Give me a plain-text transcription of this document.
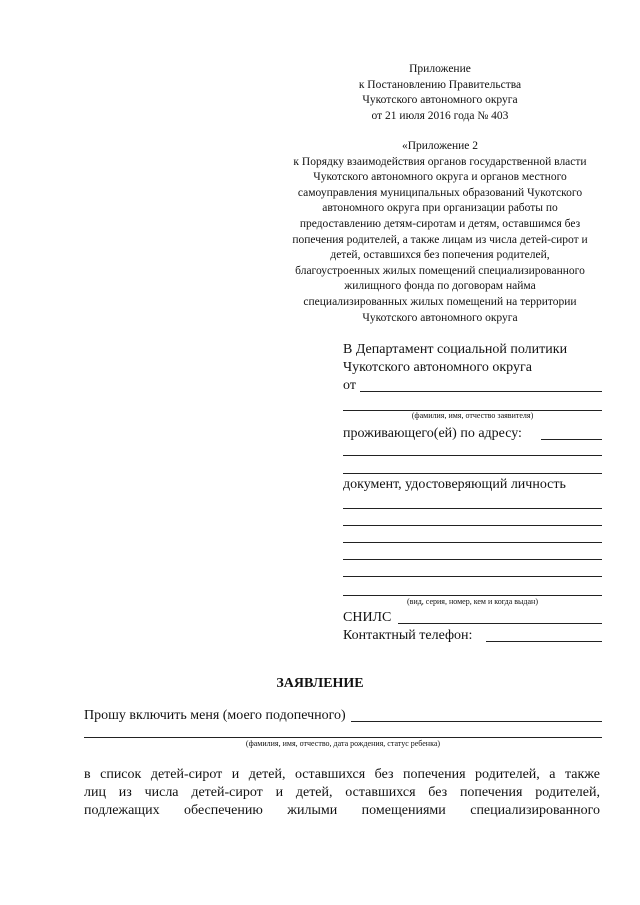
Приложение
к Постановлению Правительства
Чукотского автономного округа
от 21 июля 2016 года № 403
«Приложение 2
к Порядку взаимодействия органов государственной власти
Чукотского автономного округа и органов местного
самоуправления муниципальных образований Чукотского
автономного округа при организации работы по
предоставлению детям-сиротам и детям, оставшимся без
попечения родителей, а также лицам из числа детей-сирот и
детей, оставшихся без попечения родителей,
благоустроенных жилых помещений специализированного
жилищного фонда по договорам найма
специализированных жилых помещений на территории
Чукотского автономного округа
В Департамент социальной политики
Чукотского автономного округа
от
(фамилия, имя, отчество заявителя)
проживающего(ей) по адресу:
документ, удостоверяющий личность
(вид, серия, номер, кем и когда выдан)
СНИЛС
Контактный телефон:
ЗАЯВЛЕНИЕ
Прошу включить меня (моего подопечного)
(фамилия, имя, отчество, дата рождения, статус ребенка)
в список детей-сирот и детей, оставшихся без попечения родителей, а также
лиц из числа детей-сирот и детей, оставшихся без попечения родителей,
подлежащих обеспечению жилыми помещениями специализированного
